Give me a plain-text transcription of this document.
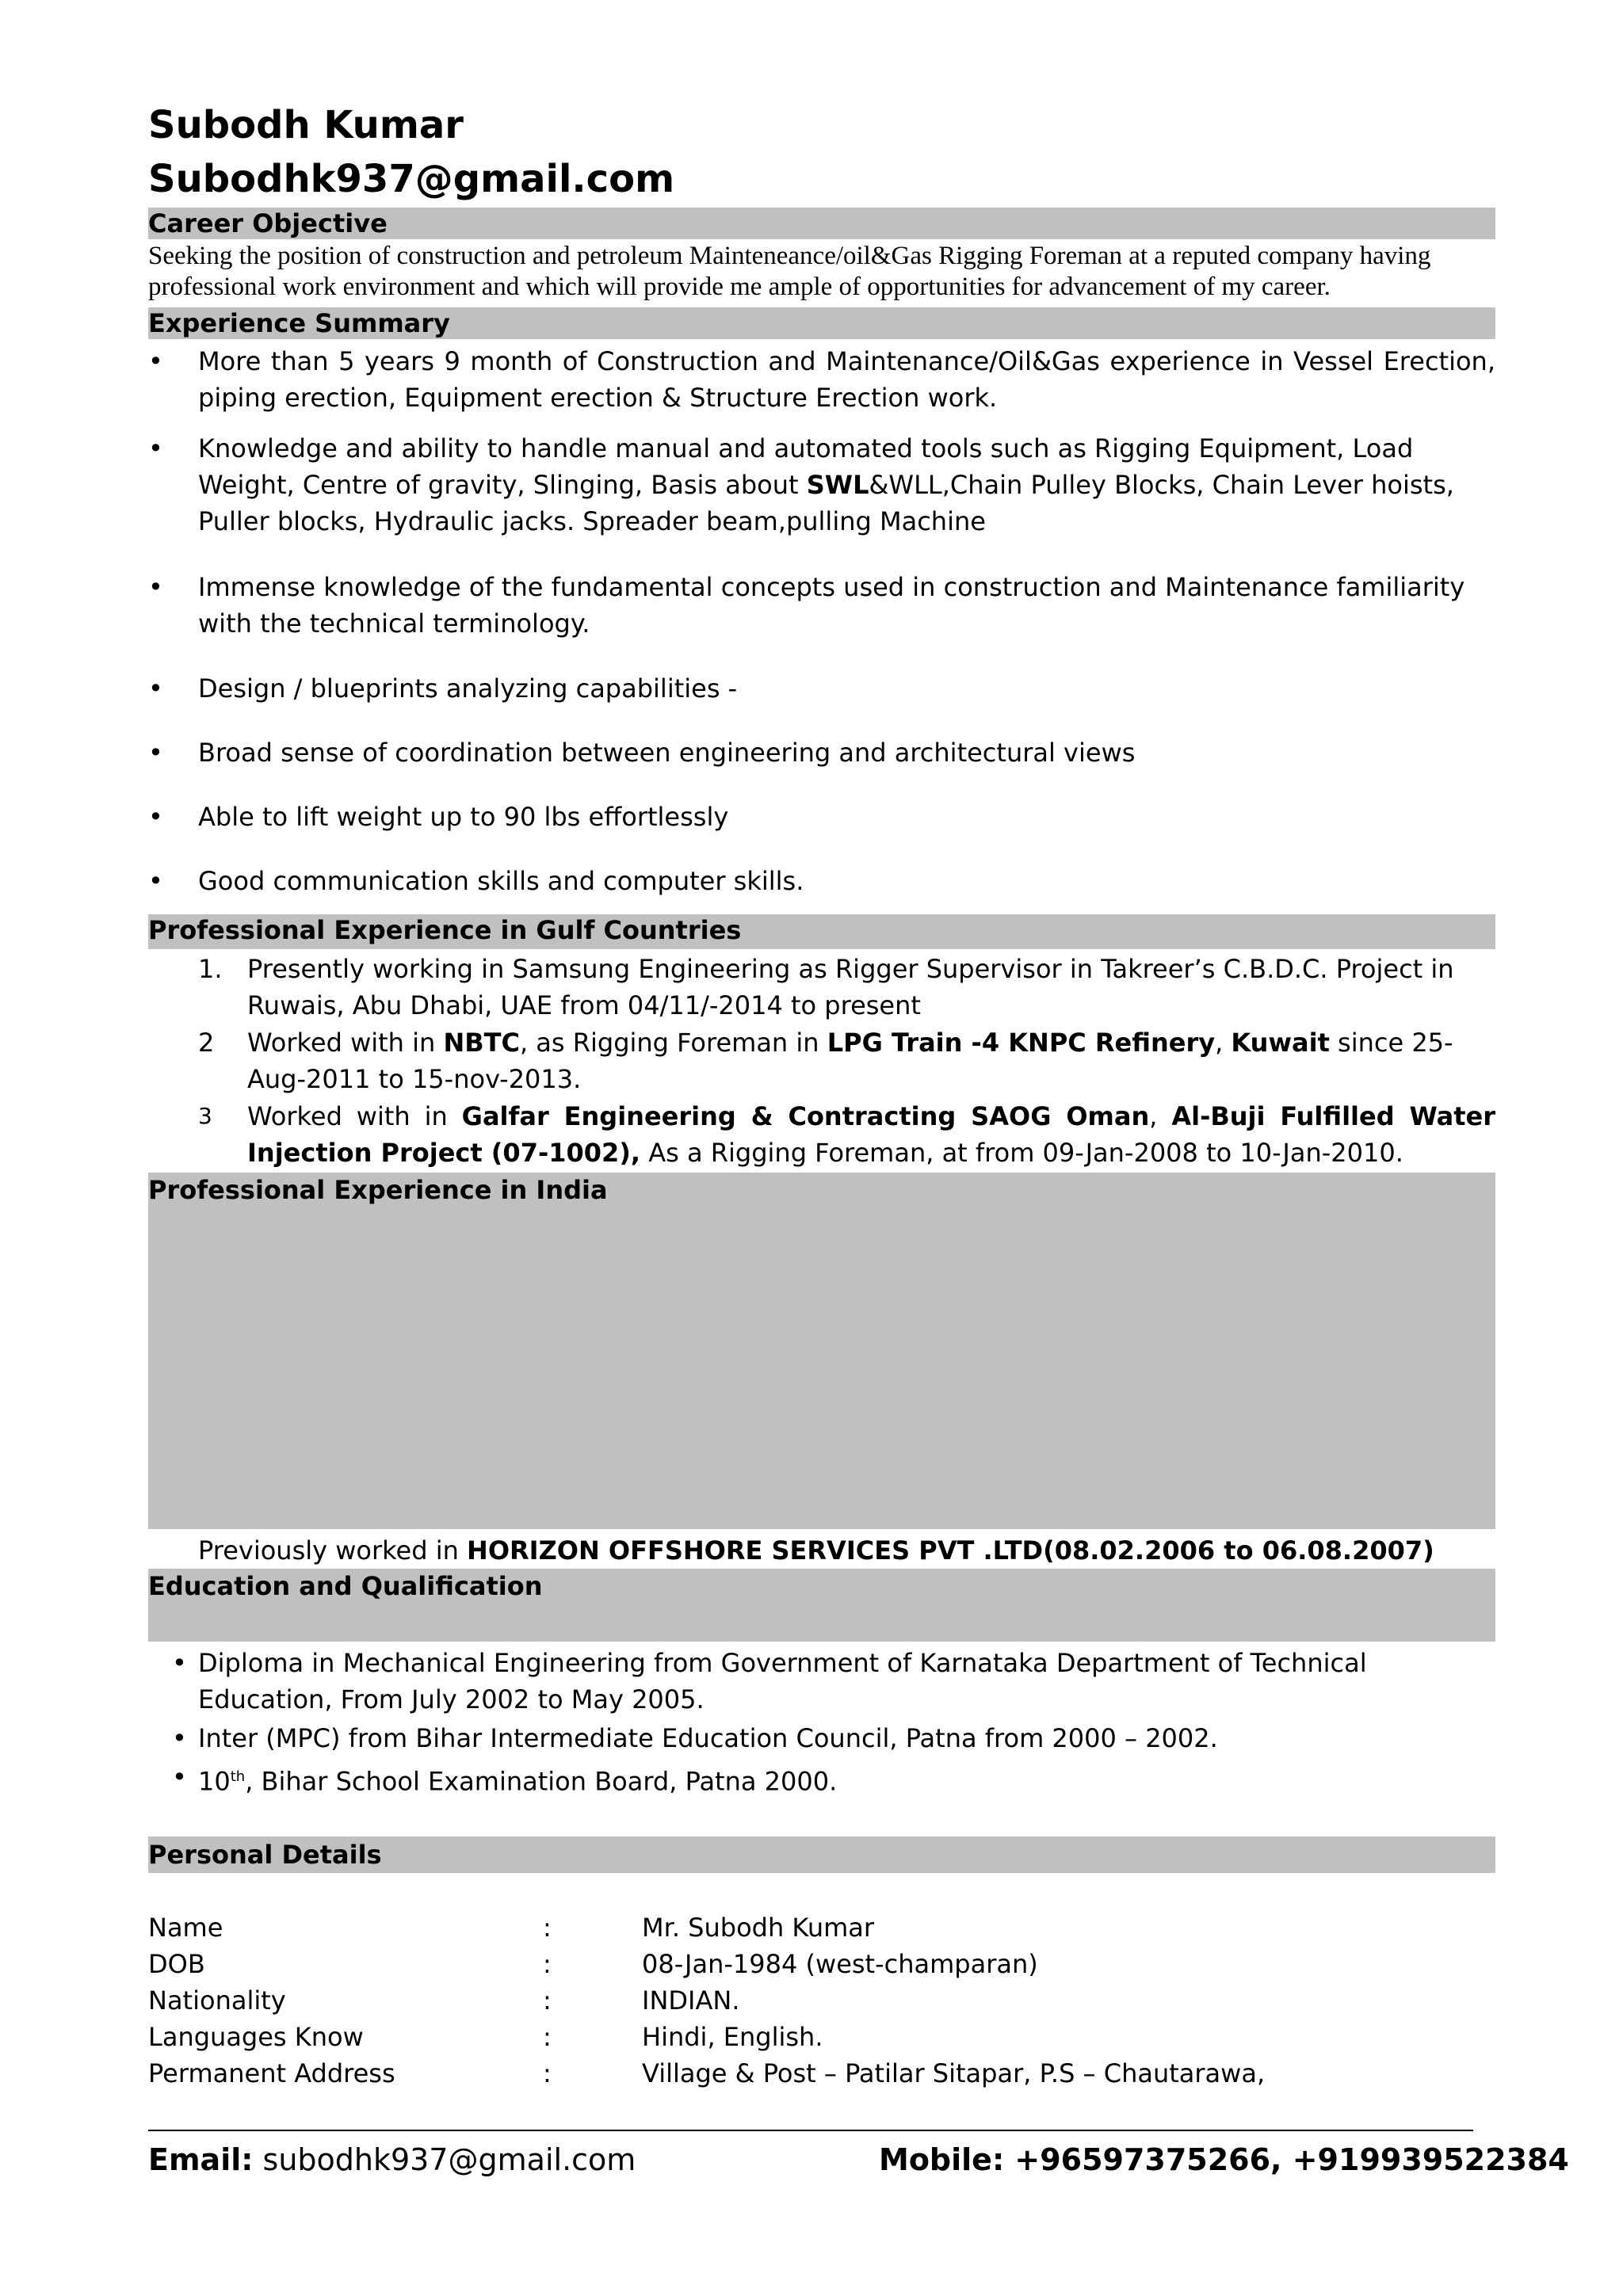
Subodh Kumar
Subodhk937@gmail.com
Career Objective
Seeking the position of construction and petroleum Mainteneance/oil&Gas Rigging Foreman at a reputed company having professional work environment and which will provide me ample of opportunities for advancement of my career.
Experience Summary
• More than 5 years 9 month of Construction and Maintenance/Oil&Gas experience in Vessel Erection, piping erection, Equipment erection & Structure Erection work.
• Knowledge and ability to handle manual and automated tools such as Rigging Equipment, Load Weight, Centre of gravity, Slinging, Basis about SWL&WLL,Chain Pulley Blocks, Chain Lever hoists, Puller blocks, Hydraulic jacks. Spreader beam,pulling Machine
• Immense knowledge of the fundamental concepts used in construction and Maintenance familiarity with the technical terminology.
• Design / blueprints analyzing capabilities -
• Broad sense of coordination between engineering and architectural views
• Able to lift weight up to 90 lbs effortlessly
• Good communication skills and computer skills.
Professional Experience in Gulf Countries
1. Presently working in Samsung Engineering as Rigger Supervisor in Takreer’s C.B.D.C. Project in Ruwais, Abu Dhabi, UAE from 04/11/-2014 to present
2 Worked with in NBTC, as Rigging Foreman in LPG Train -4 KNPC Refinery, Kuwait since 25-Aug-2011 to 15-nov-2013.
3 Worked with in Galfar Engineering & Contracting SAOG Oman, Al-Buji Fulfilled Water Injection Project (07-1002), As a Rigging Foreman, at from 09-Jan-2008 to 10-Jan-2010.
Professional Experience in India
Previously worked in HORIZON OFFSHORE SERVICES PVT .LTD(08.02.2006 to 06.08.2007)
Education and Qualification
• Diploma in Mechanical Engineering from Government of Karnataka Department of Technical Education, From July 2002 to May 2005.
• Inter (MPC) from Bihar Intermediate Education Council, Patna from 2000 – 2002.
• 10th, Bihar School Examination Board, Patna 2000.
Personal Details
Name	:	Mr. Subodh Kumar
DOB	:	08-Jan-1984 (west-champaran)
Nationality	:	INDIAN.
Languages Know	:	Hindi, English.
Permanent Address	:	Village & Post – Patilar Sitapar, P.S – Chautarawa,
Email: subodhk937@gmail.com	Mobile: +96597375266, +919939522384
